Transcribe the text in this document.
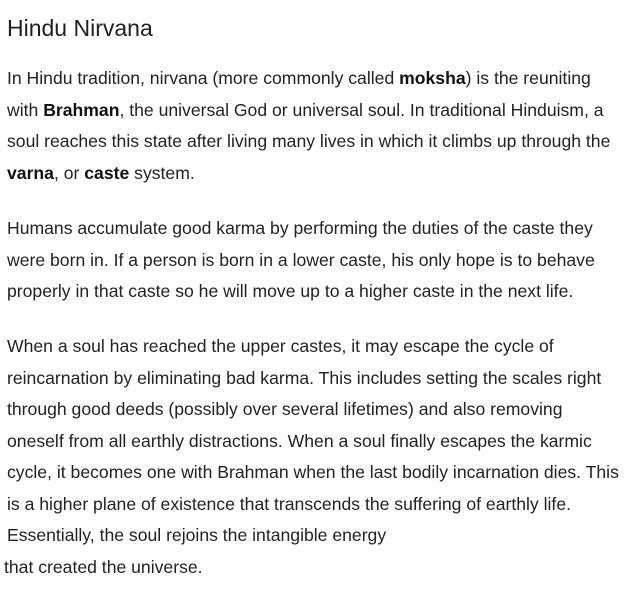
Hindu Nirvana

In Hindu tradition, nirvana (more commonly called moksha) is the reuniting with Brahman, the universal God or universal soul. In traditional Hinduism, a soul reaches this state after living many lives in which it climbs up through the varna, or caste system.

Humans accumulate good karma by performing the duties of the caste they were born in. If a person is born in a lower caste, his only hope is to behave properly in that caste so he will move up to a higher caste in the next life.

When a soul has reached the upper castes, it may escape the cycle of reincarnation by eliminating bad karma. This includes setting the scales right through good deeds (possibly over several lifetimes) and also removing oneself from all earthly distractions. When a soul finally escapes the karmic cycle, it becomes one with Brahman when the last bodily incarnation dies. This is a higher plane of existence that transcends the suffering of earthly life. Essentially, the soul rejoins the intangible energy
that created the universe.
